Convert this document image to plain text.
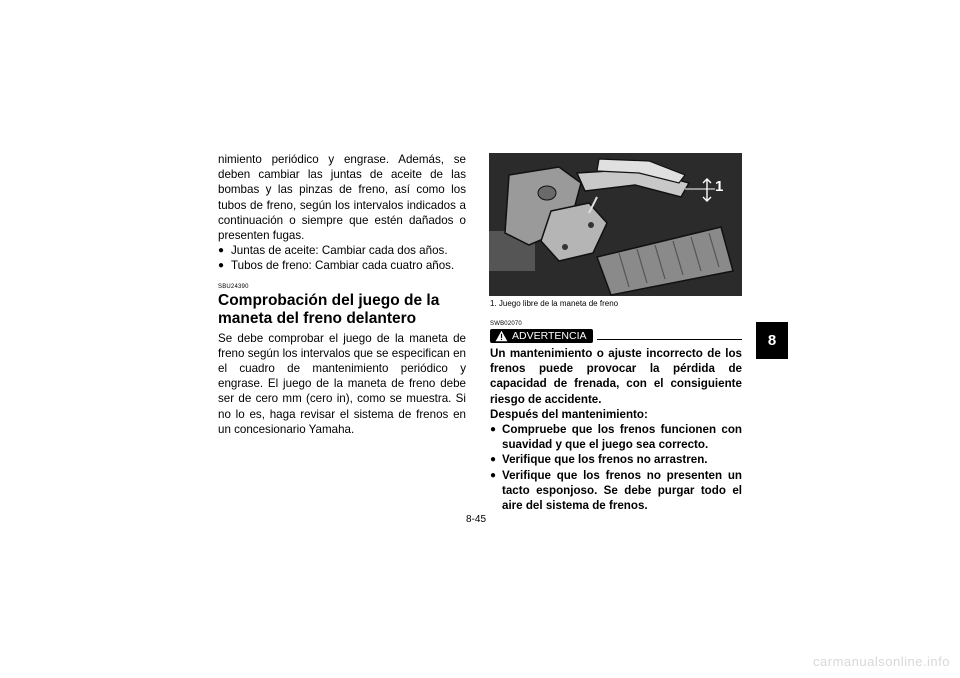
nimiento periódico y engrase. Además, se deben cambiar las juntas de aceite de las bombas y las pinzas de freno, así como los tubos de freno, según los intervalos indicados a continuación o siempre que estén dañados o presenten fugas.

● Juntas de aceite: Cambiar cada dos años.
● Tubos de freno: Cambiar cada cuatro años.
SBU24390
Comprobación del juego de la maneta del freno delantero

Se debe comprobar el juego de la maneta de freno según los intervalos que se especifican en el cuadro de mantenimiento periódico y engrase. El juego de la maneta de freno debe ser de cero mm (cero in), como se muestra. Si no lo es, haga revisar el sistema de frenos en un concesionario Yamaha.

1
1. Juego libre de la maneta de freno
SWB02070
ADVERTENCIA

Un mantenimiento o ajuste incorrecto de los frenos puede provocar la pérdida de capacidad de frenada, con el consiguiente riesgo de accidente.

Después del mantenimiento:

● Compruebe que los frenos funcionen con suavidad y que el juego sea correcto.
● Verifique que los frenos no arrastren.
● Verifique que los frenos no presenten un tacto esponjoso. Se debe purgar todo el aire del sistema de frenos.
8
8-45
carmanualsonline.info
